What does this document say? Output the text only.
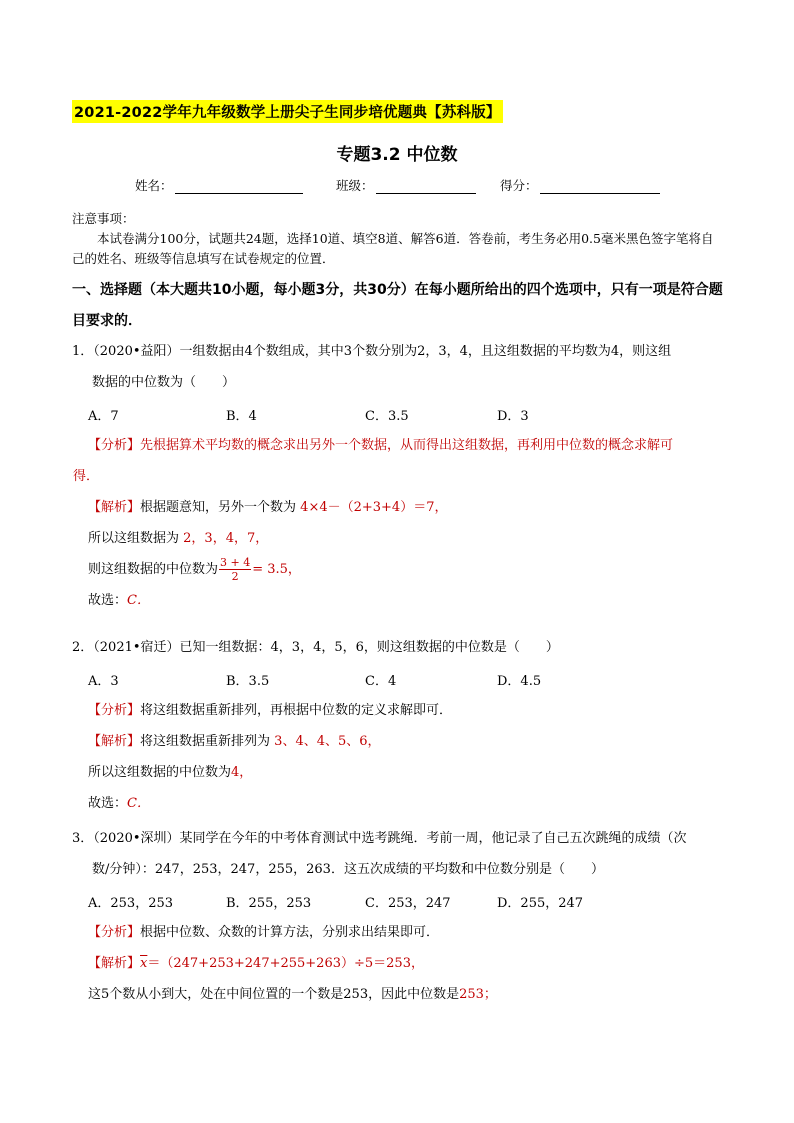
2021-2022学年九年级数学上册尖子生同步培优题典【苏科版】
专题3.2 中位数
姓名：	班级：	得分：
注意事项：
本试卷满分100分，试题共24题，选择10道、填空8道、解答6道．答卷前，考生务必用0.5毫米黑色签字笔将自己的姓名、班级等信息填写在试卷规定的位置．
一、选择题（本大题共10小题，每小题3分，共30分）在每小题所给出的四个选项中，只有一项是符合题目要求的．
1．（2020•益阳）一组数据由4个数组成，其中3个数分别为2，3，4，且这组数据的平均数为4，则这组
数据的中位数为（　　）
A．7	B．4	C．3.5	D．3
【分析】先根据算术平均数的概念求出另外一个数据，从而得出这组数据，再利用中位数的概念求解可
得．
【解析】根据题意知，另外一个数为 4×4－（2+3+4）＝7，
所以这组数据为 2，3，4，7，
则这组数据的中位数为 $\frac{3 + 4}{2} = 3.5$，
故选：C．
2．（2021•宿迁）已知一组数据：4，3，4，5，6，则这组数据的中位数是（　　）
A．3	B．3.5	C．4	D．4.5
【分析】将这组数据重新排列，再根据中位数的定义求解即可．
【解析】将这组数据重新排列为 3、4、4、5、6，
所以这组数据的中位数为4，
故选：C．
3．（2020•深圳）某同学在今年的中考体育测试中选考跳绳．考前一周，他记录了自己五次跳绳的成绩（次
数/分钟）：247，253，247，255，263．这五次成绩的平均数和中位数分别是（　　）
A．253，253	B．255，253	C．253，247	D．255，247
【分析】根据中位数、众数的计算方法，分别求出结果即可．
【解析】$\overline{x}=(247+253+247+255+263)\div 5=253$，
这5个数从小到大，处在中间位置的一个数是253，因此中位数是253；
